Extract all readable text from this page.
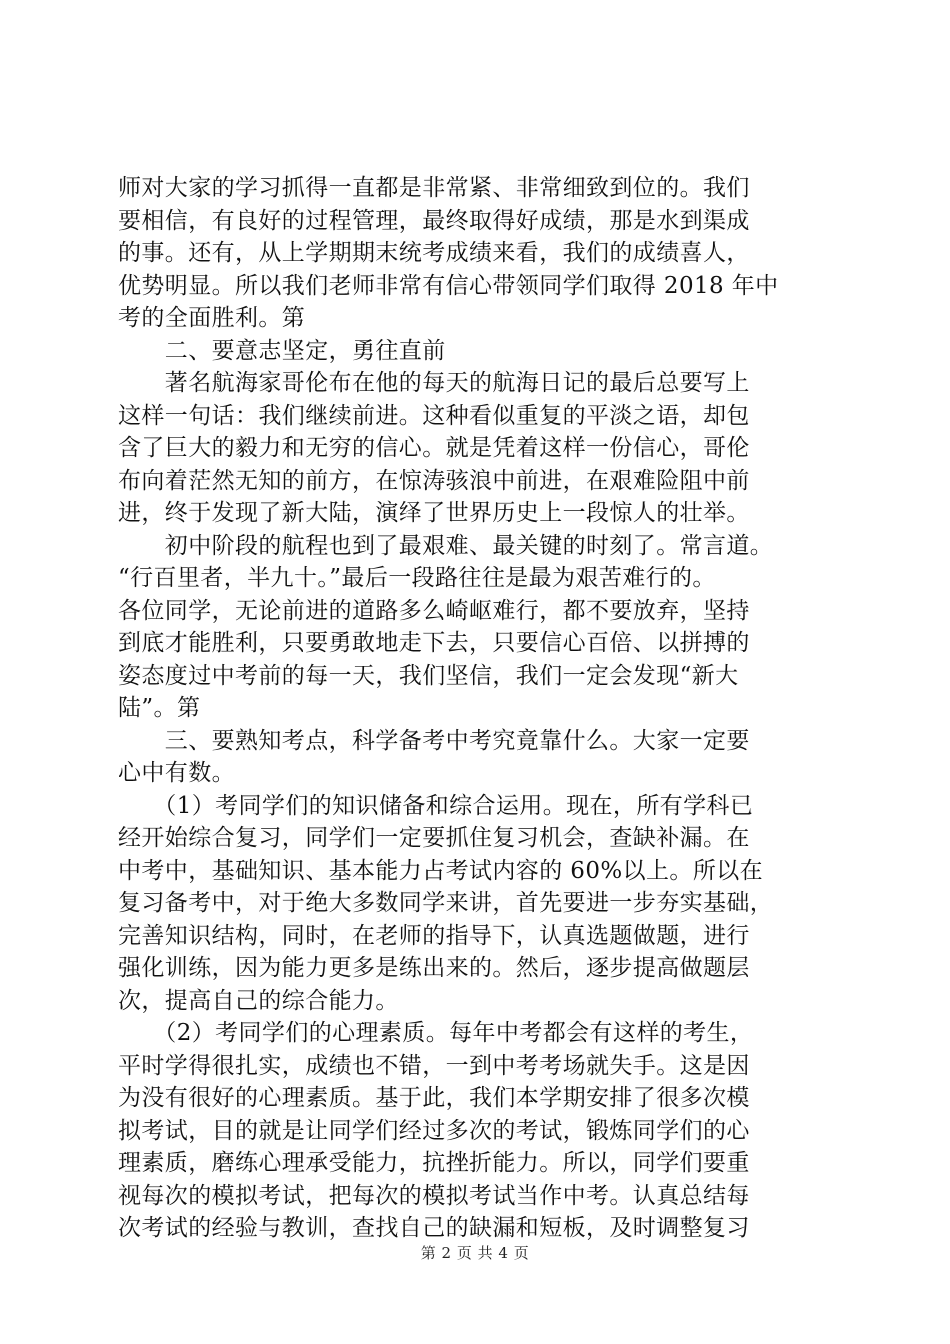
师对大家的学习抓得一直都是非常紧、非常细致到位的。我们
要相信，有良好的过程管理，最终取得好成绩，那是水到渠成
的事。还有，从上学期期末统考成绩来看，我们的成绩喜人，
优势明显。所以我们老师非常有信心带领同学们取得 2018 年中
考的全面胜利。第
　　二、要意志坚定，勇往直前
　　著名航海家哥伦布在他的每天的航海日记的最后总要写上
这样一句话：我们继续前进。这种看似重复的平淡之语，却包
含了巨大的毅力和无穷的信心。就是凭着这样一份信心，哥伦
布向着茫然无知的前方，在惊涛骇浪中前进，在艰难险阻中前
进，终于发现了新大陆，演绎了世界历史上一段惊人的壮举。
　　初中阶段的航程也到了最艰难、最关键的时刻了。常言道。
“行百里者，半九十。”最后一段路往往是最为艰苦难行的。
各位同学，无论前进的道路多么崎岖难行，都不要放弃，坚持
到底才能胜利，只要勇敢地走下去，只要信心百倍、以拼搏的
姿态度过中考前的每一天，我们坚信，我们一定会发现“新大
陆”。第
　　三、要熟知考点，科学备考中考究竟靠什么。大家一定要
心中有数。
　　（1）考同学们的知识储备和综合运用。现在，所有学科已
经开始综合复习，同学们一定要抓住复习机会，查缺补漏。在
中考中，基础知识、基本能力占考试内容的 60%以上。所以在
复习备考中，对于绝大多数同学来讲，首先要进一步夯实基础，
完善知识结构，同时，在老师的指导下，认真选题做题，进行
强化训练，因为能力更多是练出来的。然后，逐步提高做题层
次，提高自己的综合能力。
　　（2）考同学们的心理素质。每年中考都会有这样的考生，
平时学得很扎实，成绩也不错，一到中考考场就失手。这是因
为没有很好的心理素质。基于此，我们本学期安排了很多次模
拟考试，目的就是让同学们经过多次的考试，锻炼同学们的心
理素质，磨练心理承受能力，抗挫折能力。所以，同学们要重
视每次的模拟考试，把每次的模拟考试当作中考。认真总结每
次考试的经验与教训，查找自己的缺漏和短板，及时调整复习
第 2 页 共 4 页
